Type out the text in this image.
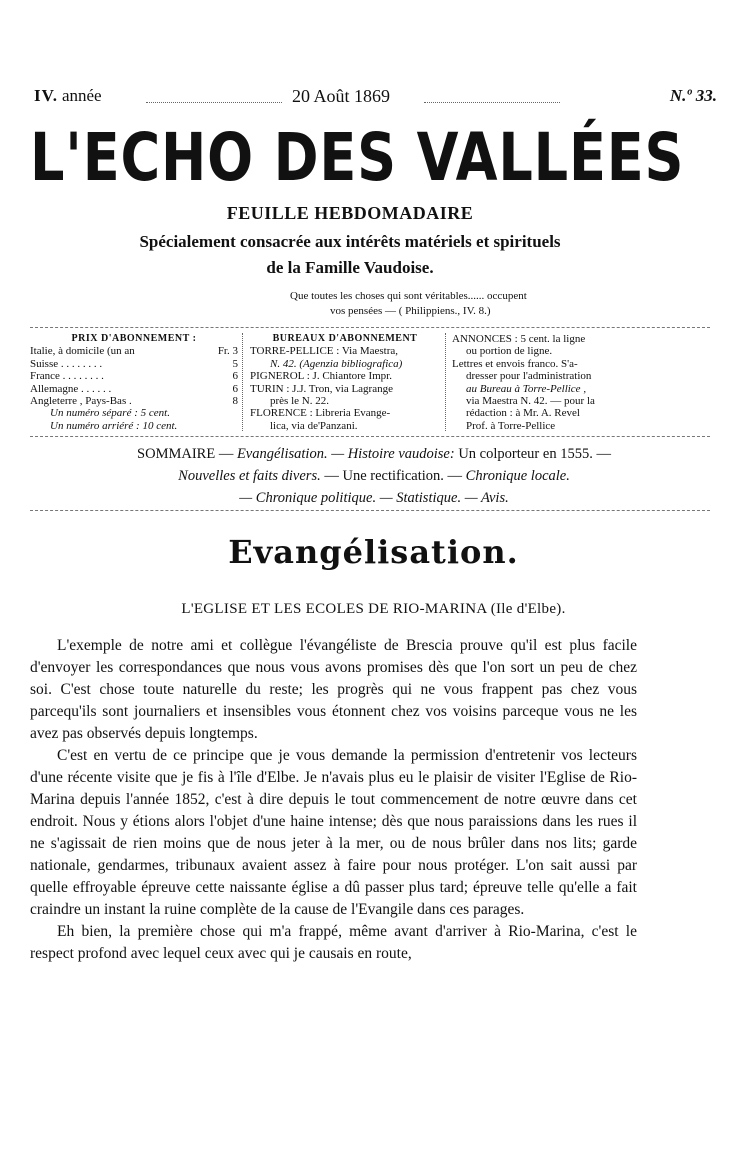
IV. année	20 Août 1869	N.º 33.
L'ECHO DES VALLÉES
FEUILLE HEBDOMADAIRE
Spécialement consacrée aux intérêts matériels et spirituels
de la Famille Vaudoise.
Que toutes les choses qui sont véritables...... occupent
vos pensées — ( Philippiens., IV. 8.)
PRIX D'ABONNEMENT :
Italie, à domicile (un an	Fr. 3
Suisse . . . . . . . .	5
France . . . . . . . .	6
Allemagne . . . . . .	6
Angleterre , Pays-Bas .	8
Un numéro séparé : 5 cent.
Un numéro arriéré : 10 cent.
BUREAUX D'ABONNEMENT
TORRE-PELLICE : Via Maestra,
N. 42. (Agenzia bibliografica)
PIGNEROL : J. Chiantore Impr.
TURIN : J.J. Tron, via Lagrange
près le N. 22.
FLORENCE : Libreria Evange-
lica, via de'Panzani.
ANNONCES : 5 cent. la ligne
ou portion de ligne.
Lettres et envois franco. S'a-
dresser pour l'administration
au Bureau à Torre-Pellice ,
via Maestra N. 42. — pour la
rédaction : à Mr. A. Revel
Prof. à Torre-Pellice
SOMMAIRE — Evangélisation. — Histoire vaudoise: Un colporteur en 1555. —
Nouvelles et faits divers. — Une rectification. — Chronique locale.
— Chronique politique. — Statistique. — Avis.
Evangélisation.
L'EGLISE ET LES ECOLES DE RIO-MARINA (Ile d'Elbe).

L'exemple de notre ami et collègue l'évangéliste de Brescia prouve qu'il est plus facile d'envoyer les correspondances que nous vous avons promises dès que l'on sort un peu de chez soi. C'est chose toute naturelle du reste; les progrès qui ne vous frappent pas chez vous parcequ'ils sont journaliers et insensibles vous étonnent chez vos voisins parceque vous ne les avez pas observés depuis longtemps.

C'est en vertu de ce principe que je vous demande la permission d'entretenir vos lecteurs d'une récente visite que je fis à l'île d'Elbe. Je n'avais plus eu le plaisir de visiter l'Eglise de Rio-Marina depuis l'année 1852, c'est à dire depuis le tout commencement de notre œuvre dans cet endroit. Nous y étions alors l'objet d'une haine intense; dès que nous paraissions dans les rues il ne s'agissait de rien moins que de nous jeter à la mer, ou de nous brûler dans nos lits; garde nationale, gendarmes, tribunaux avaient assez à faire pour nous protéger. L'on sait aussi par quelle effroyable épreuve cette naissante église a dû passer plus tard; épreuve telle qu'elle a fait craindre un instant la ruine complète de la cause de l'Evangile dans ces parages.

Eh bien, la première chose qui m'a frappé, même avant d'arriver à Rio-Marina, c'est le respect profond avec lequel ceux avec qui je causais en route,
